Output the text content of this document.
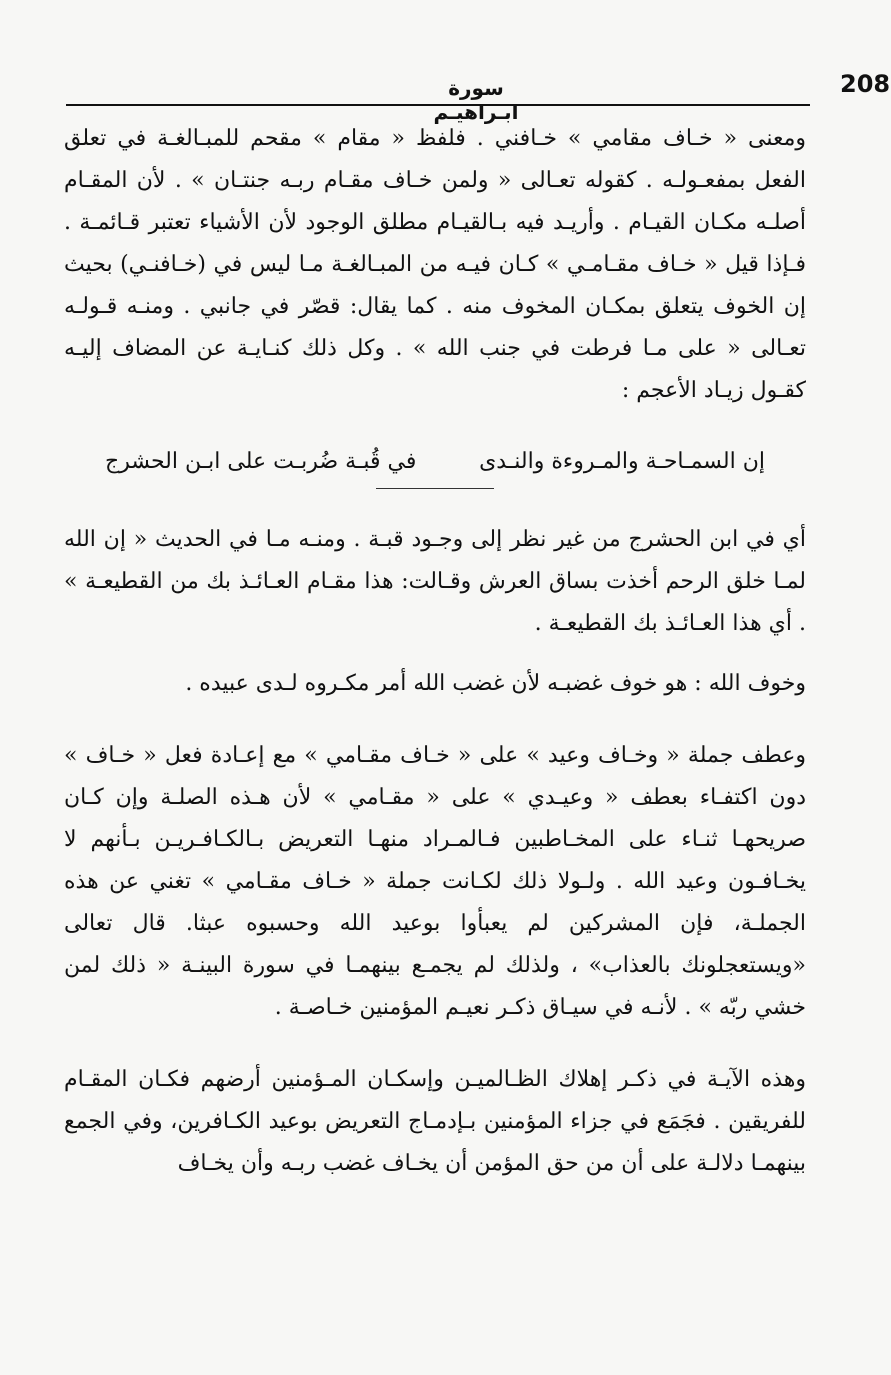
208
سورة ابـراهيـم

ومعنى « خـاف مقامي » خـافني . فلفظ « مقام » مقحم للمبـالغـة في تعلق الفعل بمفعـولـه . كقوله تعـالى « ولمن خـاف مقـام ربـه جنتـان » . لأن المقـام أصلـه مكـان القيـام . وأريـد فيه بـالقيـام مطلق الوجود لأن الأشياء تعتبر قـائمـة . فـإذا قيل « خـاف مقـامـي » كـان فيـه من المبـالغـة مـا ليس في (خـافنـي) بحيث إن الخوف يتعلق بمكـان المخوف منه . كما يقال: قصّر في جانبي . ومنـه قـولـه تعـالى « على مـا فرطت في جنب الله » . وكل ذلك كنـايـة عن المضاف إليـه كقـول زيـاد الأعجم :

إن السمـاحـة والمـروءة والنـدى
في قُبـة ضُربـت على ابـن الحشرج

أي في ابن الحشرج من غير نظر إلى وجـود قبـة . ومنـه مـا في الحديث « إن الله لمـا خلق الرحم أخذت بساق العرش وقـالت: هذا مقـام العـائـذ بك من القطيعـة » . أي هذا العـائـذ بك القطيعـة .

وخوف الله : هو خوف غضبـه لأن غضب الله أمر مكـروه لـدى عبيده .

وعطف جملة « وخـاف وعيد » على « خـاف مقـامي » مع إعـادة فعل « خـاف » دون اكتفـاء بعطف « وعيـدي » على « مقـامي » لأن هـذه الصلـة وإن كـان صريحهـا ثنـاء على المخـاطبين فـالمـراد منهـا التعريض بـالكـافـريـن بـأنهم لا يخـافـون وعيد الله . ولـولا ذلك لكـانت جملة « خـاف مقـامي » تغني عن هذه الجملـة، فإن المشركين لم يعبأوا بوعيد الله وحسبوه عبثا. قال تعالى «ويستعجلونك بالعذاب» ، ولذلك لم يجمـع بينهمـا في سورة البينـة « ذلك لمن خشي ربّه » . لأنـه في سيـاق ذكـر نعيـم المؤمنين خـاصـة .

وهذه الآيـة في ذكـر إهلاك الظـالميـن وإسكـان المـؤمنين أرضهم فكـان المقـام للفريقين . فجَمَع في جزاء المؤمنين بـإدمـاج التعريض بوعيد الكـافرين، وفي الجمع بينهمـا دلالـة على أن من حق المؤمن أن يخـاف غضب ربـه وأن يخـاف
